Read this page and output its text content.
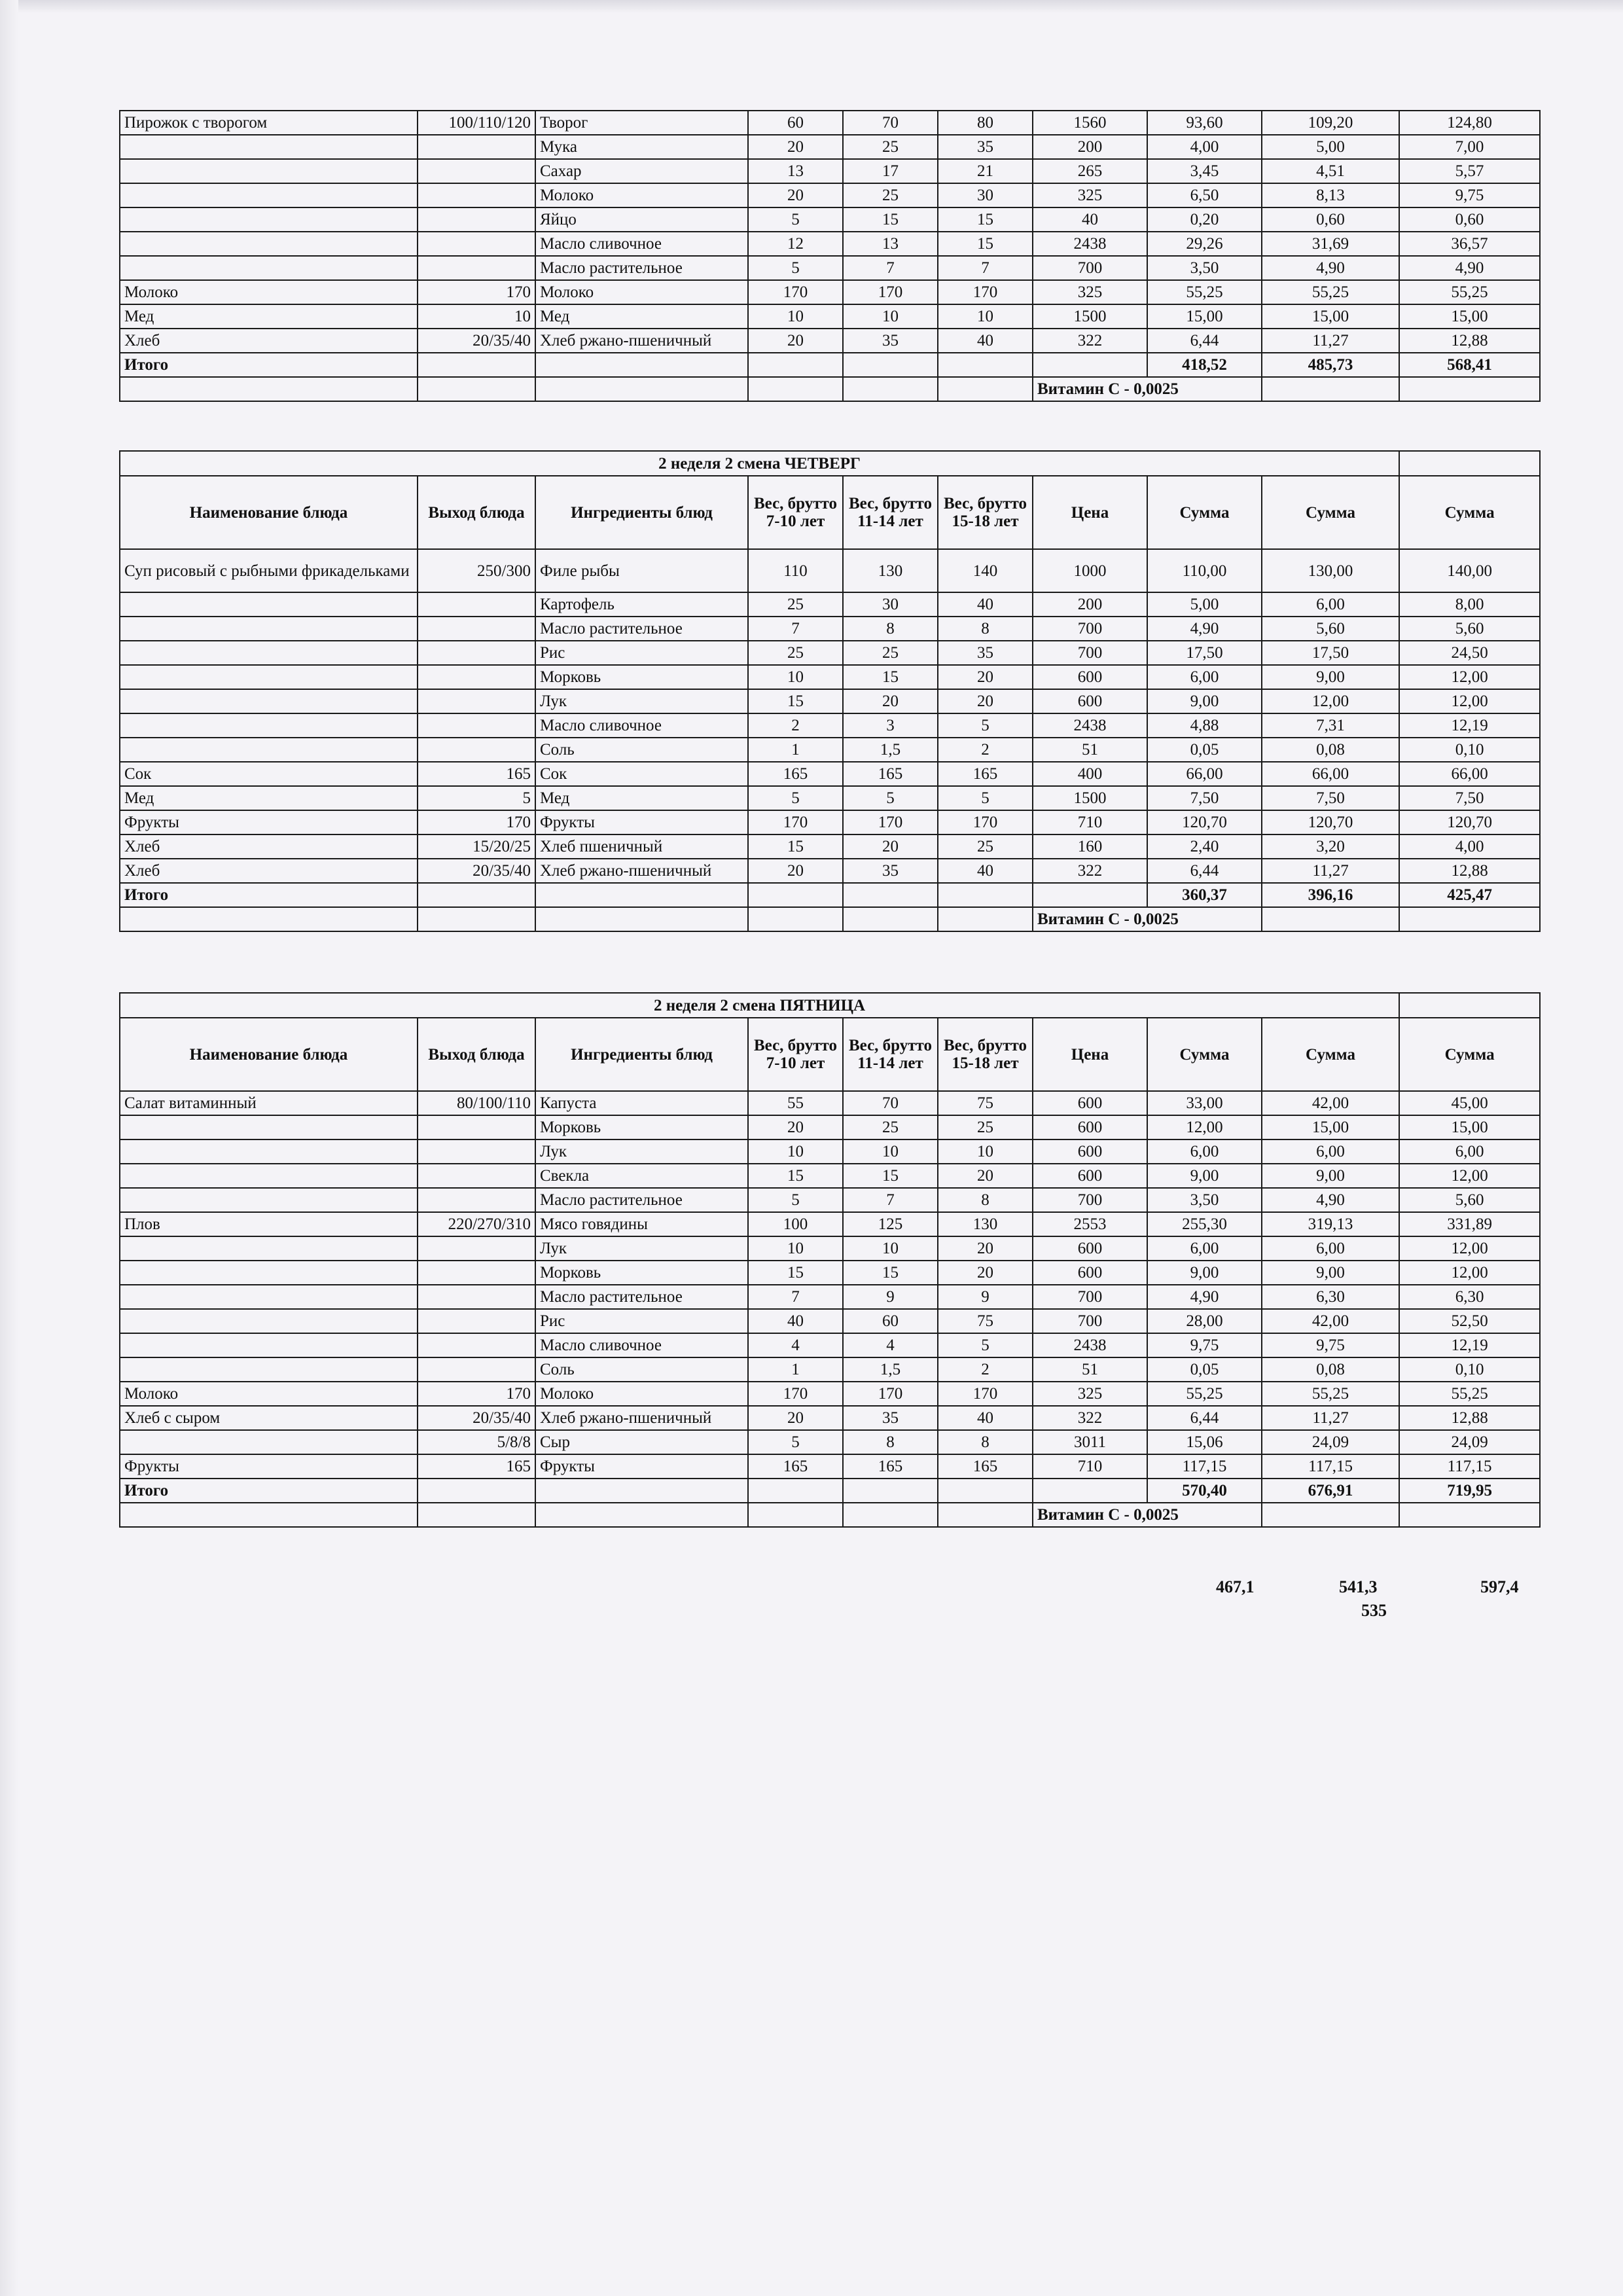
Пирожок с творогом	100/110/120	Творог	60	70	80	1560	93,60	109,20	124,80
		Мука	20	25	35	200	4,00	5,00	7,00
		Сахар	13	17	21	265	3,45	4,51	5,57
		Молоко	20	25	30	325	6,50	8,13	9,75
		Яйцо	5	15	15	40	0,20	0,60	0,60
		Масло сливочное	12	13	15	2438	29,26	31,69	36,57
		Масло растительное	5	7	7	700	3,50	4,90	4,90
Молоко	170	Молоко	170	170	170	325	55,25	55,25	55,25
Мед	10	Мед	10	10	10	1500	15,00	15,00	15,00
Хлеб	20/35/40	Хлеб ржано-пшеничный	20	35	40	322	6,44	11,27	12,88
Итого							418,52	485,73	568,41
						Витамин С - 0,0025			
2 неделя 2 смена ЧЕТВЕРГ									
Наименование блюда	Выход блюда	Ингредиенты блюд	Вес, брутто 7-10 лет	Вес, брутто 11-14 лет	Вес, брутто 15-18 лет	Цена	Сумма	Сумма	Сумма
Суп рисовый с рыбными фрикадельками	250/300	Филе рыбы	110	130	140	1000	110,00	130,00	140,00
		Картофель	25	30	40	200	5,00	6,00	8,00
		Масло растительное	7	8	8	700	4,90	5,60	5,60
		Рис	25	25	35	700	17,50	17,50	24,50
		Морковь	10	15	20	600	6,00	9,00	12,00
		Лук	15	20	20	600	9,00	12,00	12,00
		Масло сливочное	2	3	5	2438	4,88	7,31	12,19
		Соль	1	1,5	2	51	0,05	0,08	0,10
Сок	165	Сок	165	165	165	400	66,00	66,00	66,00
Мед	5	Мед	5	5	5	1500	7,50	7,50	7,50
Фрукты	170	Фрукты	170	170	170	710	120,70	120,70	120,70
Хлеб	15/20/25	Хлеб пшеничный	15	20	25	160	2,40	3,20	4,00
Хлеб	20/35/40	Хлеб ржано-пшеничный	20	35	40	322	6,44	11,27	12,88
Итого							360,37	396,16	425,47
						Витамин С - 0,0025			
2 неделя 2 смена ПЯТНИЦА									
Наименование блюда	Выход блюда	Ингредиенты блюд	Вес, брутто 7-10 лет	Вес, брутто 11-14 лет	Вес, брутто 15-18 лет	Цена	Сумма	Сумма	Сумма
Салат витаминный	80/100/110	Капуста	55	70	75	600	33,00	42,00	45,00
		Морковь	20	25	25	600	12,00	15,00	15,00
		Лук	10	10	10	600	6,00	6,00	6,00
		Свекла	15	15	20	600	9,00	9,00	12,00
		Масло растительное	5	7	8	700	3,50	4,90	5,60
Плов	220/270/310	Мясо говядины	100	125	130	2553	255,30	319,13	331,89
		Лук	10	10	20	600	6,00	6,00	12,00
		Морковь	15	15	20	600	9,00	9,00	12,00
		Масло растительное	7	9	9	700	4,90	6,30	6,30
		Рис	40	60	75	700	28,00	42,00	52,50
		Масло сливочное	4	4	5	2438	9,75	9,75	12,19
		Соль	1	1,5	2	51	0,05	0,08	0,10
Молоко	170	Молоко	170	170	170	325	55,25	55,25	55,25
Хлеб с сыром	20/35/40	Хлеб ржано-пшеничный	20	35	40	322	6,44	11,27	12,88
	5/8/8	Сыр	5	8	8	3011	15,06	24,09	24,09
Фрукты	165	Фрукты	165	165	165	710	117,15	117,15	117,15
Итого							570,40	676,91	719,95
						Витамин С - 0,0025			
467,1	541,3	597,4
535
